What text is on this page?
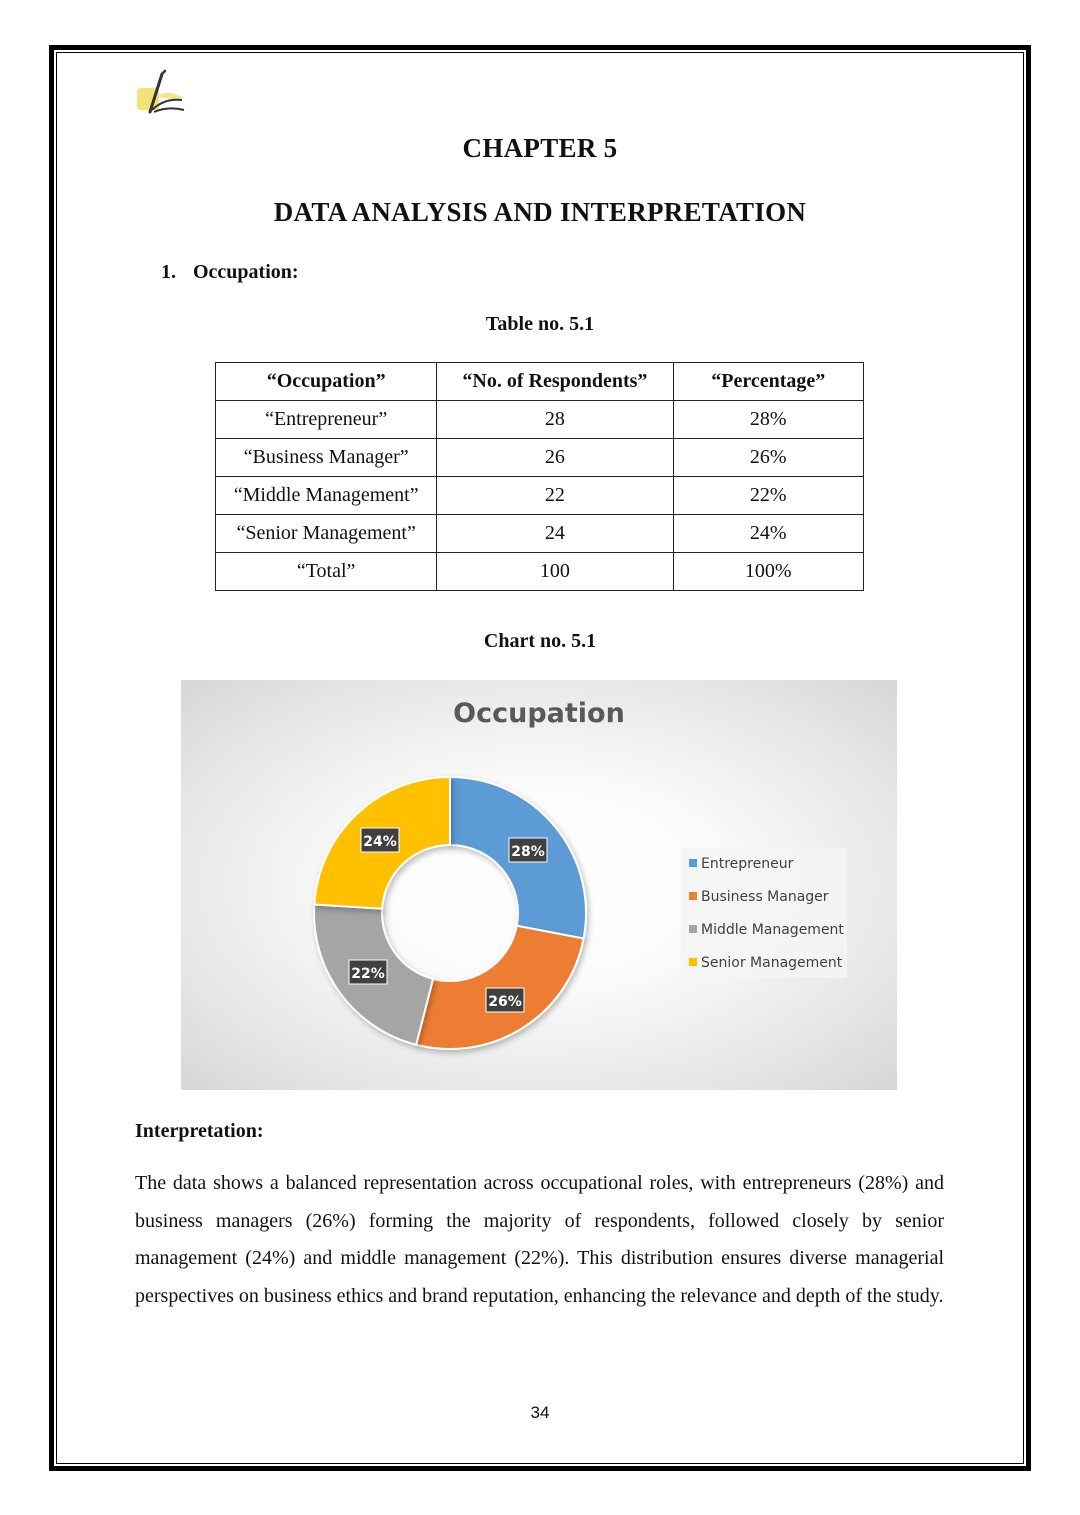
CHAPTER 5
DATA ANALYSIS AND INTERPRETATION
1. Occupation:
Table no. 5.1
“Occupation”	“No. of Respondents”	“Percentage”
“Entrepreneur”	28	28%
“Business Manager”	26	26%
“Middle Management”	22	22%
“Senior Management”	24	24%
“Total”	100	100%
Chart no. 5.1
Occupation
28%
26%
22%
24%
Entrepreneur
Business Manager
Middle Management
Senior Management
Interpretation:
The data shows a balanced representation across occupational roles, with entrepreneurs (28%) and business managers (26%) forming the majority of respondents, followed closely by senior management (24%) and middle management (22%). This distribution ensures diverse managerial perspectives on business ethics and brand reputation, enhancing the relevance and depth of the study.
34
